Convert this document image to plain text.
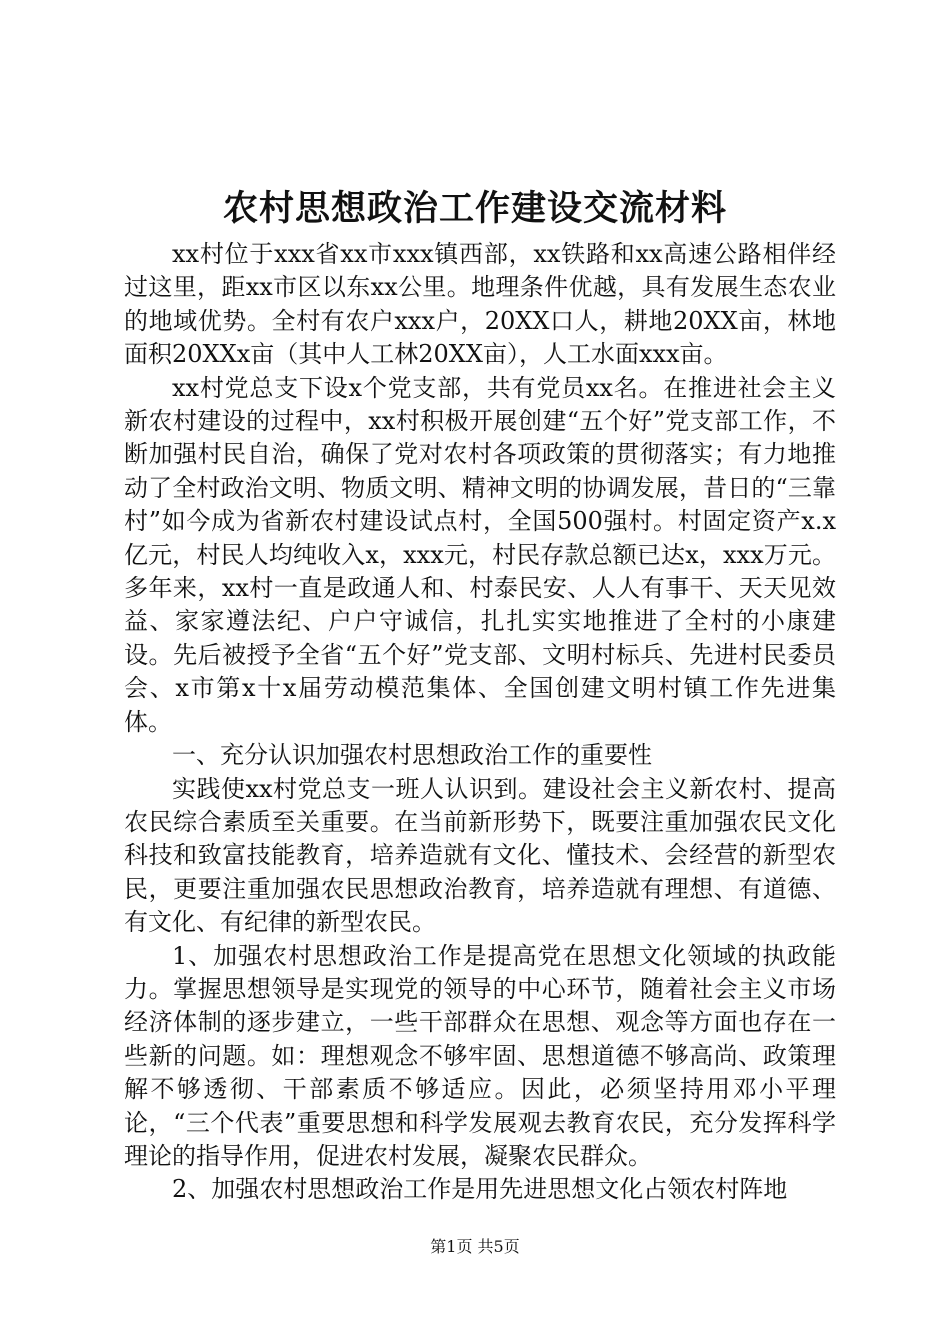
农村思想政治工作建设交流材料

xx村位于xxx省xx市xxx镇西部，xx铁路和xx高速公路相伴经过这里，距xx市区以东xx公里。地理条件优越，具有发展生态农业的地域优势。全村有农户xxx户，20XX口人，耕地20XX亩，林地面积20XXx亩（其中人工林20XX亩），人工水面xxx亩。

xx村党总支下设x个党支部，共有党员xx名。在推进社会主义新农村建设的过程中，xx村积极开展创建“五个好”党支部工作，不断加强村民自治，确保了党对农村各项政策的贯彻落实；有力地推动了全村政治文明、物质文明、精神文明的协调发展，昔日的“三靠村”如今成为省新农村建设试点村，全国500强村。村固定资产x.x亿元，村民人均纯收入x，xxx元，村民存款总额已达x，xxx万元。多年来，xx村一直是政通人和、村泰民安、人人有事干、天天见效益、家家遵法纪、户户守诚信，扎扎实实地推进了全村的小康建设。先后被授予全省“五个好”党支部、文明村标兵、先进村民委员会、x市第x十x届劳动模范集体、全国创建文明村镇工作先进集体。

一、充分认识加强农村思想政治工作的重要性

实践使xx村党总支一班人认识到。建设社会主义新农村、提高农民综合素质至关重要。在当前新形势下，既要注重加强农民文化科技和致富技能教育，培养造就有文化、懂技术、会经营的新型农民，更要注重加强农民思想政治教育，培养造就有理想、有道德、有文化、有纪律的新型农民。

1、加强农村思想政治工作是提高党在思想文化领域的执政能力。掌握思想领导是实现党的领导的中心环节，随着社会主义市场经济体制的逐步建立，一些干部群众在思想、观念等方面也存在一些新的问题。如：理想观念不够牢固、思想道德不够高尚、政策理解不够透彻、干部素质不够适应。因此，必须坚持用邓小平理论，“三个代表”重要思想和科学发展观去教育农民，充分发挥科学理论的指导作用，促进农村发展，凝聚农民群众。

2、加强农村思想政治工作是用先进思想文化占领农村阵地

第1页 共5页
